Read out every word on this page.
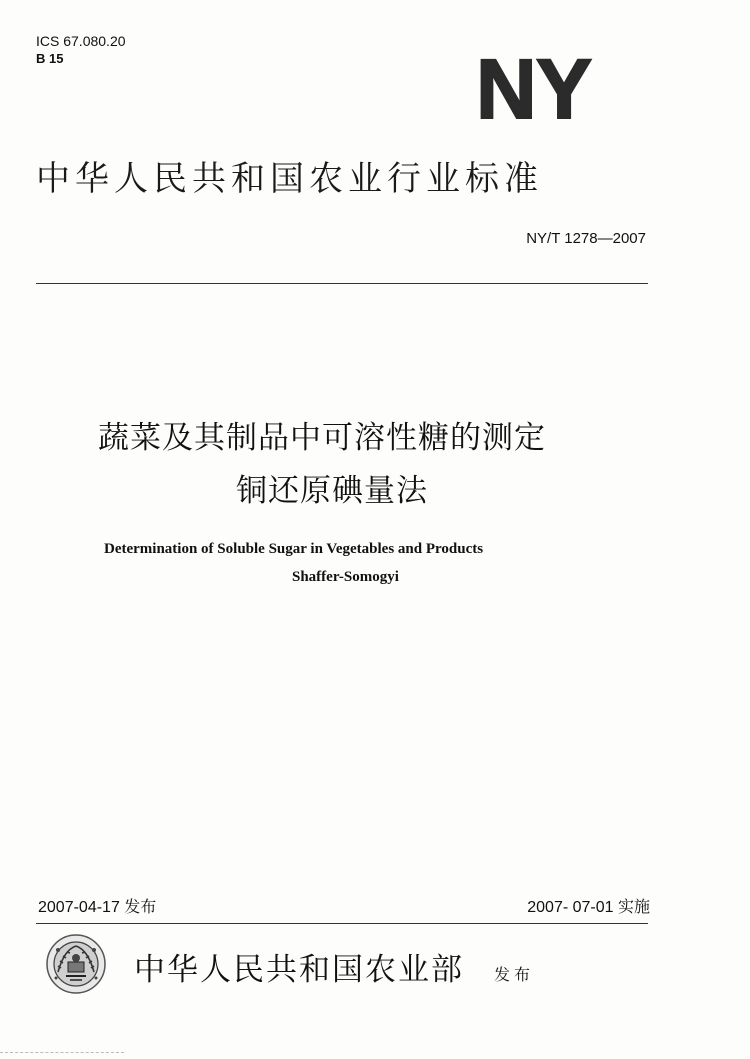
ICS 67.080.20
B 15	N Y
中华人民共和国农业行业标准
NY/T 1278—2007
蔬菜及其制品中可溶性糖的测定
铜还原碘量法
Determination of Soluble Sugar in Vegetables and Products
Shaffer-Somogyi
2007-04-17 发布	2007- 07-01 实施
中华人民共和国农业部 发布
